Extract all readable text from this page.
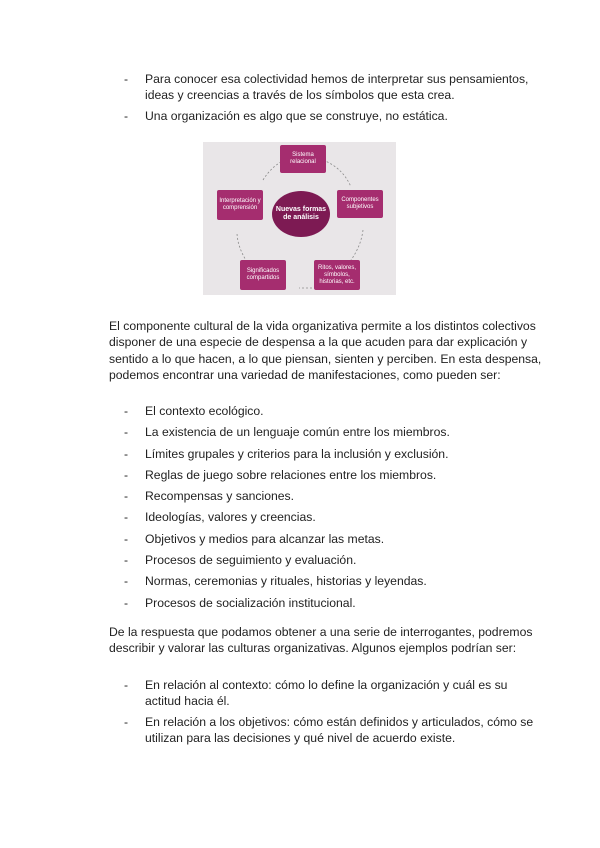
- Para conocer esa colectividad hemos de interpretar sus pensamientos, ideas y creencias a través de los símbolos que esta crea.
- Una organización es algo que se construye, no estática.
Sistema relacional
Componentes subjetivos
Ritos, valores, símbolos, historias, etc.
Significados compartidos
Interpretación y comprensión	Nuevas formas de análisis

El componente cultural de la vida organizativa permite a los distintos colectivos disponer de una especie de despensa a la que acuden para dar explicación y sentido a lo que hacen, a lo que piensan, sienten y perciben. En esta despensa, podemos encontrar una variedad de manifestaciones, como pueden ser:

- El contexto ecológico.
- La existencia de un lenguaje común entre los miembros.
- Límites grupales y criterios para la inclusión y exclusión.
- Reglas de juego sobre relaciones entre los miembros.
- Recompensas y sanciones.
- Ideologías, valores y creencias.
- Objetivos y medios para alcanzar las metas.
- Procesos de seguimiento y evaluación.
- Normas, ceremonias y rituales, historias y leyendas.
- Procesos de socialización institucional.

De la respuesta que podamos obtener a una serie de interrogantes, podremos describir y valorar las culturas organizativas. Algunos ejemplos podrían ser:

- En relación al contexto: cómo lo define la organización y cuál es su actitud hacia él.
- En relación a los objetivos: cómo están definidos y articulados, cómo se utilizan para las decisiones y qué nivel de acuerdo existe.
